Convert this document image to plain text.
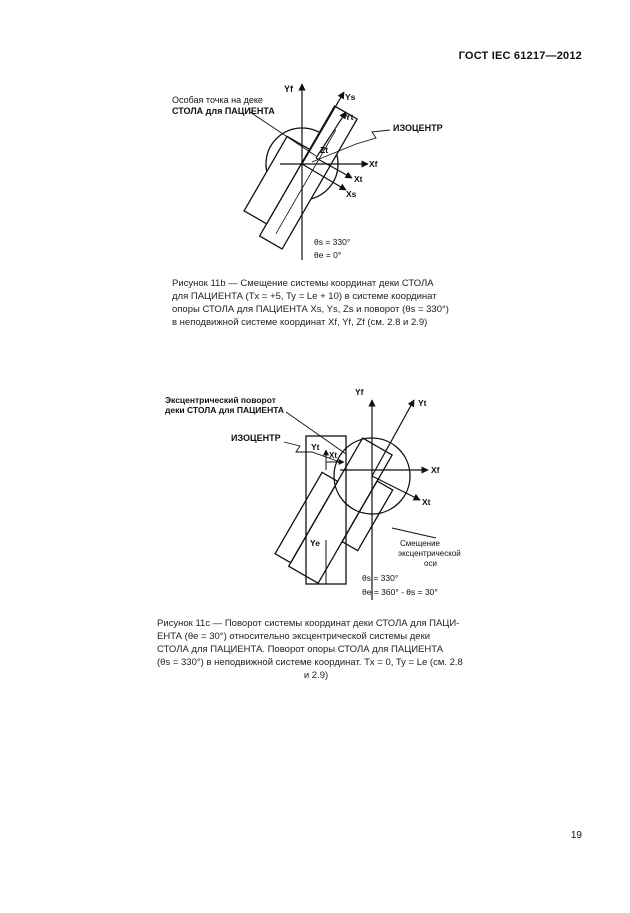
ГОСТ IEC 61217—2012
Особая точка на деке
СТОЛА для ПАЦИЕНТА
ИЗОЦЕНТР
Yf
Ys
Yt
Zt
Xf
Xt
Xs
θs = 330°
θe = 0°

Рисунок 11b — Смещение системы координат деки СТОЛА

для ПАЦИЕНТА (Tx = +5, Ty = Le + 10) в системе координат

опоры СТОЛА для ПАЦИЕНТА Xs, Ys, Zs и поворот (θs = 330°)

в неподвижной системе координат Xf, Yf, Zf (см. 2.8 и 2.9)

Эксцентрический поворот
деки СТОЛА для ПАЦИЕНТА
ИЗОЦЕНТР
Yf
Yt
Yt
Xt
Xf
Xt
Ye	Смещение
эксцентрической
оси
θs = 330°
θe = 360° - θs = 30°

Рисунок 11c — Поворот системы координат деки СТОЛА для ПАЦИ-

ЕНТА (θe = 30°) относительно эксцентрической системы деки

СТОЛА для ПАЦИЕНТА. Поворот опоры СТОЛА для ПАЦИЕНТА

(θs = 330°) в неподвижной системе координат. Tx = 0, Ty = Le (см. 2.8

и 2.9)

19
